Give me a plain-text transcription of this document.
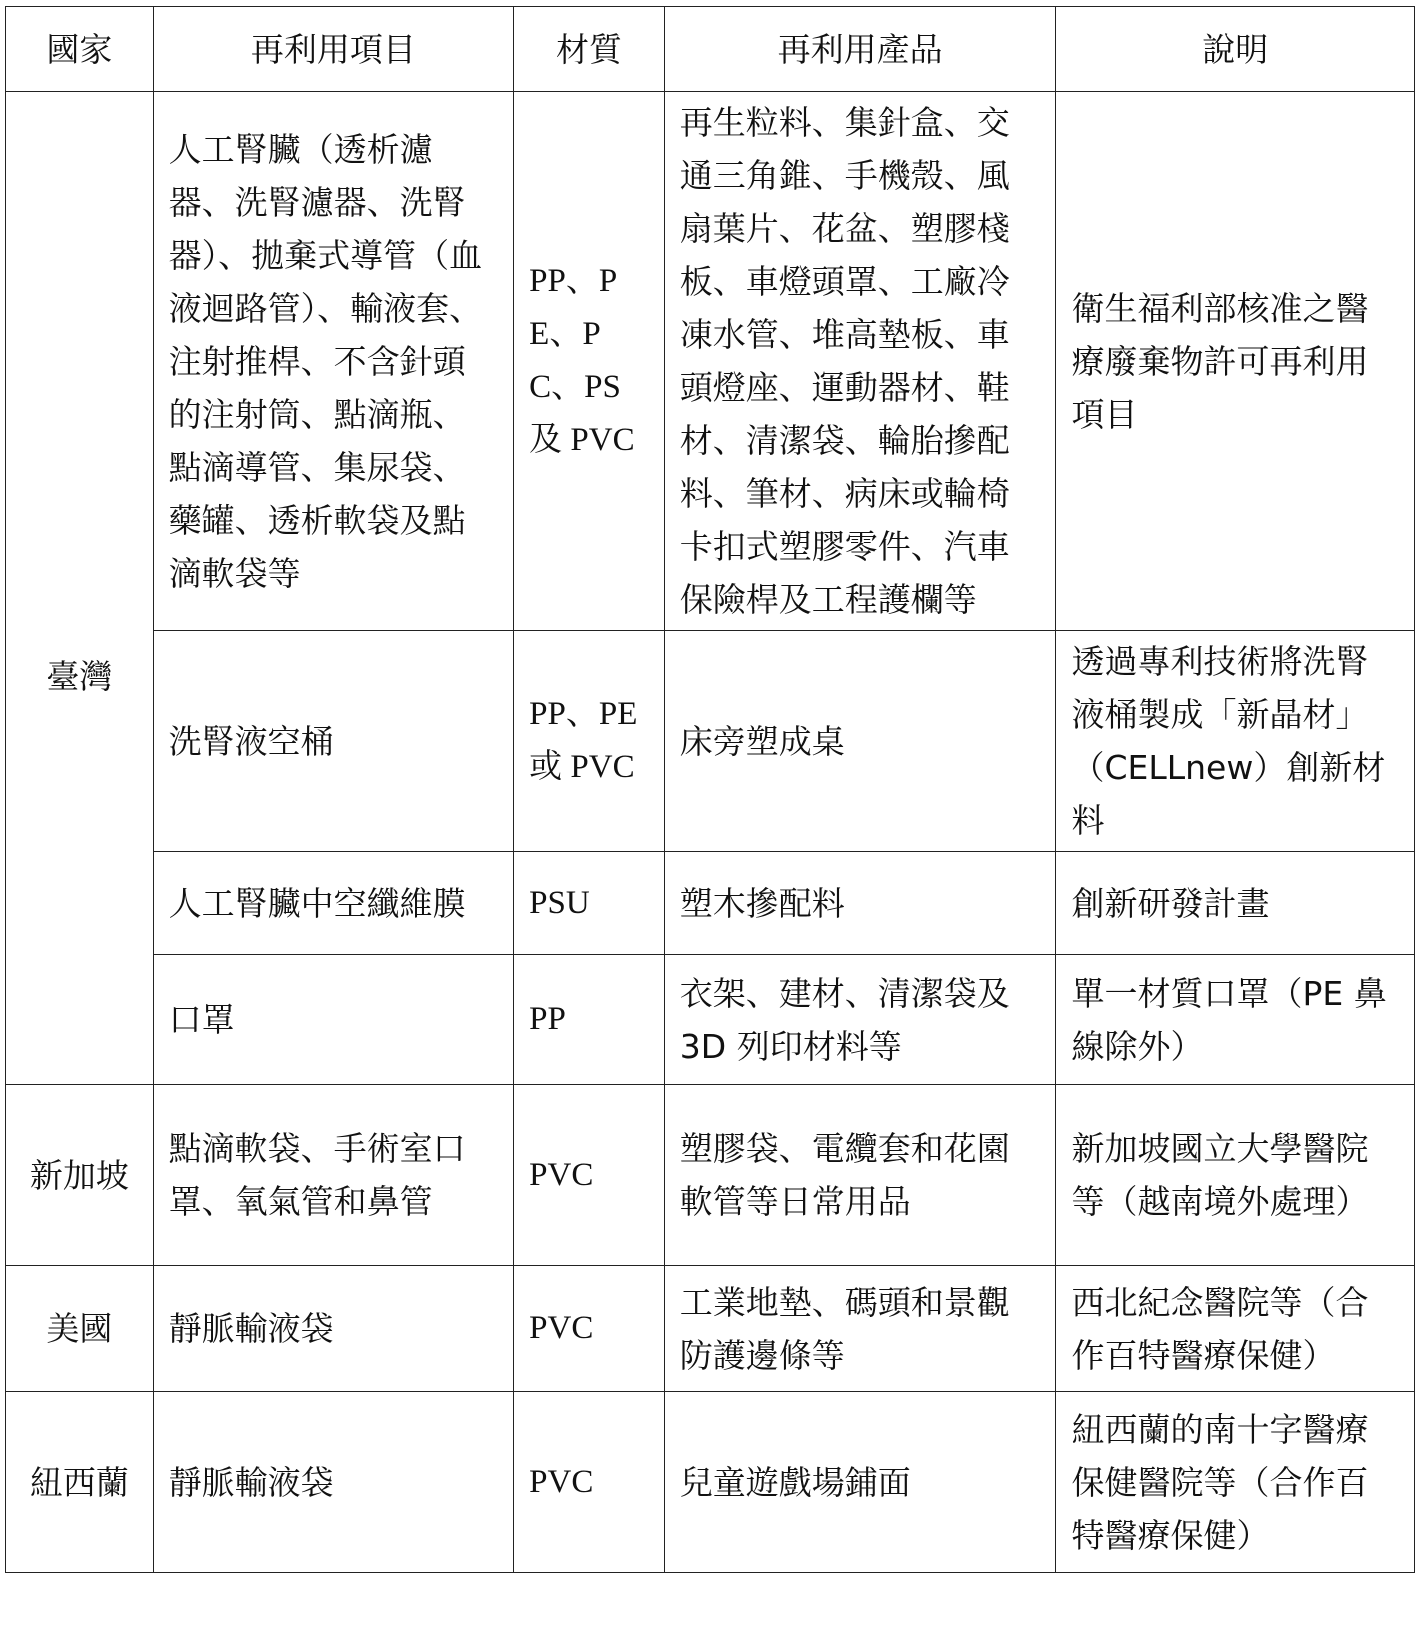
國家	再利用項目	材質	再利用產品	說明
臺灣	人工腎臟（透析濾器、洗腎濾器、洗腎器）、拋棄式導管（血液迴路管）、輸液套、注射推桿、不含針頭的注射筒、點滴瓶、點滴導管、集尿袋、藥罐、透析軟袋及點滴軟袋等	PP、PE、PC、PS 及 PVC	再生粒料、集針盒、交通三角錐、手機殼、風扇葉片、花盆、塑膠棧板、車燈頭罩、工廠冷凍水管、堆高墊板、車頭燈座、運動器材、鞋材、清潔袋、輪胎摻配料、筆材、病床或輪椅卡扣式塑膠零件、汽車保險桿及工程護欄等	衛生福利部核准之醫療廢棄物許可再利用項目
	洗腎液空桶	PP、PE 或 PVC	床旁塑成桌	透過專利技術將洗腎液桶製成「新晶材」（CELLnew）創新材料
	人工腎臟中空纖維膜	PSU	塑木摻配料	創新研發計畫
	口罩	PP	衣架、建材、清潔袋及 3D 列印材料等	單一材質口罩（PE 鼻線除外）
新加坡	點滴軟袋、手術室口罩、氧氣管和鼻管	PVC	塑膠袋、電纜套和花園軟管等日常用品	新加坡國立大學醫院等（越南境外處理）
美國	靜脈輸液袋	PVC	工業地墊、碼頭和景觀防護邊條等	西北紀念醫院等（合作百特醫療保健）
紐西蘭	靜脈輸液袋	PVC	兒童遊戲場鋪面	紐西蘭的南十字醫療保健醫院等（合作百特醫療保健）
